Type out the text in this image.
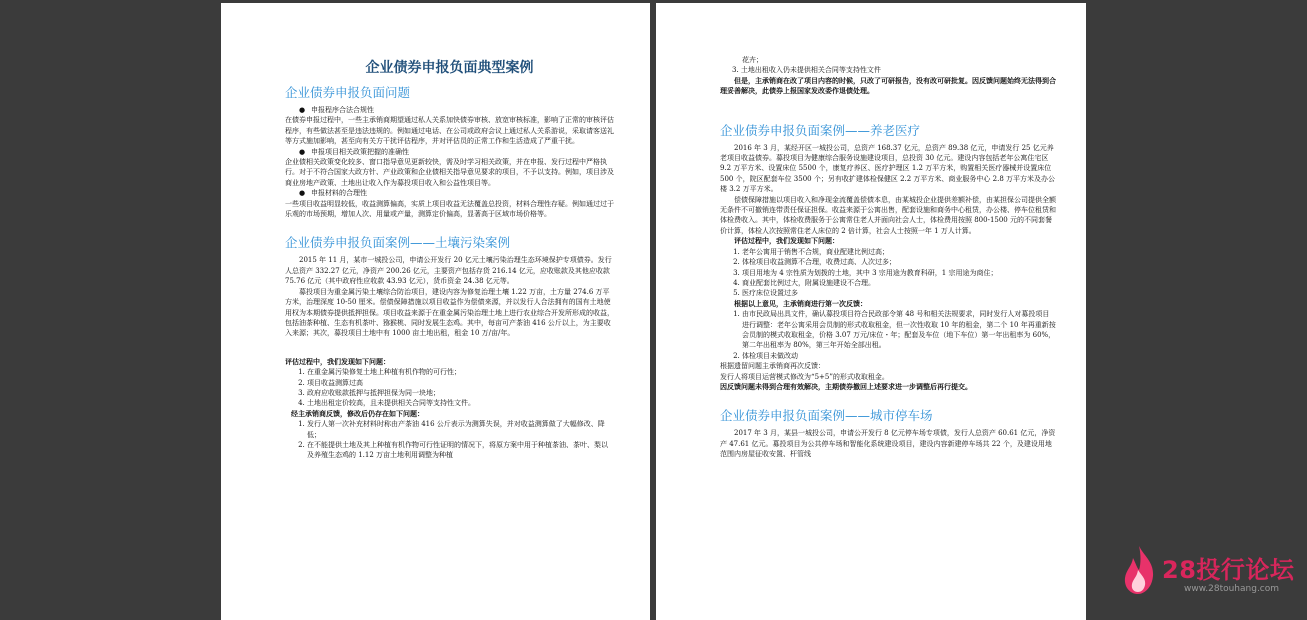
企业债券申报负面典型案例
企业债券申报负面问题
● 申报程序合法合规性

在债券申报过程中，一些主承销商期望通过私人关系加快债券审核、放宽审核标准，影响了正常的审核评估程序，有些做法甚至是违法违规的。例如通过电话、在公司或政府会议上通过私人关系游说，采取请客送礼等方式施加影响，甚至向有关方干扰评估程序，并对评估员的正常工作和生活造成了严重干扰。

● 申报项目相关政策把握的准确性

企业债相关政策变化较多、窗口指导意见更新较快，需及时学习相关政策，并在申报、发行过程中严格执行。对于不符合国家大政方针、产业政策和企业债相关指导意见要求的项目，不予以支持。例如，项目涉及商业房地产政策、土地出让收入作为募投项目收入和公益性项目等。

● 申报材料的合理性

一些项目收益明显较低，收益测算偏高，实质上项目收益无法覆盖总投资，材料合理性存疑。例如通过过于乐观的市场预期，增加人次、用量或产量，测算定价偏高，显著高于区域市场价格等。

企业债券申报负面案例——土壤污染案例

2015 年 11 月，某市一城投公司，申请公开发行 20 亿元土壤污染治理生态环境保护专项债券。发行人总资产 332.27 亿元，净资产 200.26 亿元，主要资产包括存货 216.14 亿元，应收账款及其他应收款 75.76 亿元（其中政府性应收款 43.93 亿元），货币资金 24.38 亿元等。

募投项目为重金属污染土壤综合防治项目，建设内容为修复治理土壤 1.22 万亩，土方量 274.6 万平方米，治理深度 10-50 厘米。偿债保障措施以项目收益作为偿债来源，并以发行人合法拥有的国有土地使用权为本期债券提供抵押担保。项目收益来源于在重金属污染治理土地上进行农业综合开发所形成的收益，包括油茶种植、生态有机茶叶、猕猴桃、同时发展生态鸡。其中，每亩可产茶油 416 公斤以上，为主要收入来源；其次，募投项目土地中有 1000 亩土地出租，租金 10 万/亩/年。

评估过程中，我们发现如下问题：

1. 在重金属污染修复土地上种植有机作物的可行性；
2. 项目收益测算过高
3. 政府应收账款抵押与抵押担保为同一块地；
4. 土地出租定价较高，且未提供相关合同等支持性文件。

经主承销商反馈，修改后仍存在如下问题：

1. 发行人第一次补充材料时称由产茶油 416 公斤表示为测算失误，并对收益测算做了大幅修改、降低；
2. 在不能提供土地及其上种植有机作物可行性证明的情况下，将原方案中用于种植茶油、茶叶、梨以及养殖生态鸡的 1.12 万亩土地利用调整为种植

花卉；

3. 土地出租收入仍未提供相关合同等支持性文件

但是，主承销商在改了项目内容的时候，只改了可研报告，没有改可研批复。因反馈问题始终无法得到合理妥善解决，此债券上报国家发改委作退债处理。

企业债券申报负面案例——养老医疗

2016 年 3 月，某经开区一城投公司，总资产 168.37 亿元，总资产 89.38 亿元，申请发行 25 亿元养老项目收益债券。募投项目为健康综合服务设施建设项目，总投资 30 亿元。建设内容包括老年公寓住宅区 9.2 万平方米、设置床位 5500 个，康复疗养区、医疗护理区 1.2 万平方米，购置相关医疗器械并设置床位 500 个，院区配套车位 3500 个；另有收扩建体检保健区 2.2 万平方米、商业服务中心 2.8 万平方米及办公楼 3.2 万平方米。

偿债保障措施以项目收入和净现金流覆盖偿债本息，由某城投企业提供差额补偿，由某担保公司提供全额无条件不可撤销连带责任保证担保。收益来源于公寓出售，配套设施和商务中心租赁，办公楼、停车位租赁和体检费收入。其中，体检收费服务于公寓常住老人并面向社会人士，体检费用按照 800-1500 元的不同套餐价计算，体检人次按照常住老人床位的 2 倍计算，社会人士按照一年 1 万人计算。

评估过程中，我们发现如下问题：

1. 老年公寓用于销售不合规，商业配建比例过高；
2. 体检项目收益测算不合理，收费过高、人次过多；
3. 项目用地为 4 宗性质为划拨的土地，其中 3 宗用途为教育科研，1 宗用途为商住；
4. 商业配套比例过大，附属设施建设不合理。
5. 医疗床位设置过多

根据以上意见，主承销商进行第一次反馈：

1. 由市民政局出具文件，确认募投项目符合民政部令第 48 号和相关法规要求，同时发行人对募投项目进行调整：老年公寓采用会员制的形式收取租金，但一次性收取 10 年的租金，第二个 10 年再重新按会员制的模式收取租金，价格 3.07 万元/床位・年；配套及车位（地下车位）第一年出租率为 60%，第二年出租率为 80%，第三年开始全部出租。
2. 体检项目未做改动

根据遗留问题主承销商再次反馈：

发行人将项目运营模式修改为“5+5”的形式收取租金。

因反馈问题未得到合理有效解决，主期债券撤回上述要求进一步调整后再行提交。

企业债券申报负面案例——城市停车场

2017 年 3 月，某县一城投公司，申请公开发行 8 亿元停车场专项债，发行人总资产 60.61 亿元，净资产 47.61 亿元。募投项目为公共停车场和智能化系统建设项目，建设内容新建停车场共 22 个，及建设用地范围内房屋征收安置、杆管线

28投行论坛
www.28touhang.com
